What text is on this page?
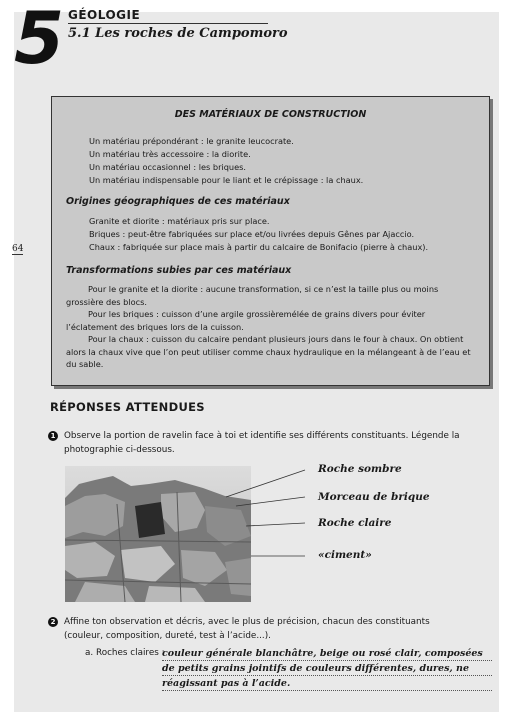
5 GÉOLOGIE
5.1 Les roches de Campomoro
64
DES MATÉRIAUX DE CONSTRUCTION
Un matériau prépondérant : le granite leucocrate.
Un matériau très accessoire : la diorite.
Un matériau occasionnel : les briques.
Un matériau indispensable pour le liant et le crépissage : la chaux.
Origines géographiques de ces matériaux
Granite et diorite : matériaux pris sur place.
Briques : peut-être fabriquées sur place et/ou livrées depuis Gênes par Ajaccio.
Chaux : fabriquée sur place mais à partir du calcaire de Bonifacio (pierre à chaux).
Transformations subies par ces matériaux
Pour le granite et la diorite : aucune transformation, si ce n’est la taille plus ou moins grossière des blocs.
Pour les briques : cuisson d’une argile grossièremélée de grains divers pour éviter l’éclatement des briques lors de la cuisson.
Pour la chaux : cuisson du calcaire pendant plusieurs jours dans le four à chaux. On obtient alors la chaux vive que l’on peut utiliser comme chaux hydraulique en la mélangeant à de l’eau et du sable.
RÉPONSES ATTENDUES
1 Observe la portion de ravelin face à toi et identifie ses différents constituants. Légende la photographie ci-dessous.
Roche sombre
Morceau de brique
Roche claire
«ciment»
2 Affine ton observation et décris, avec le plus de précision, chacun des constituants (couleur, composition, dureté, test à l’acide...).
a. Roches claires :
couleur générale blanchâtre, beige ou rosé clair, composées de petits grains jointifs de couleurs différentes, dures, ne réagissant pas à l’acide.
